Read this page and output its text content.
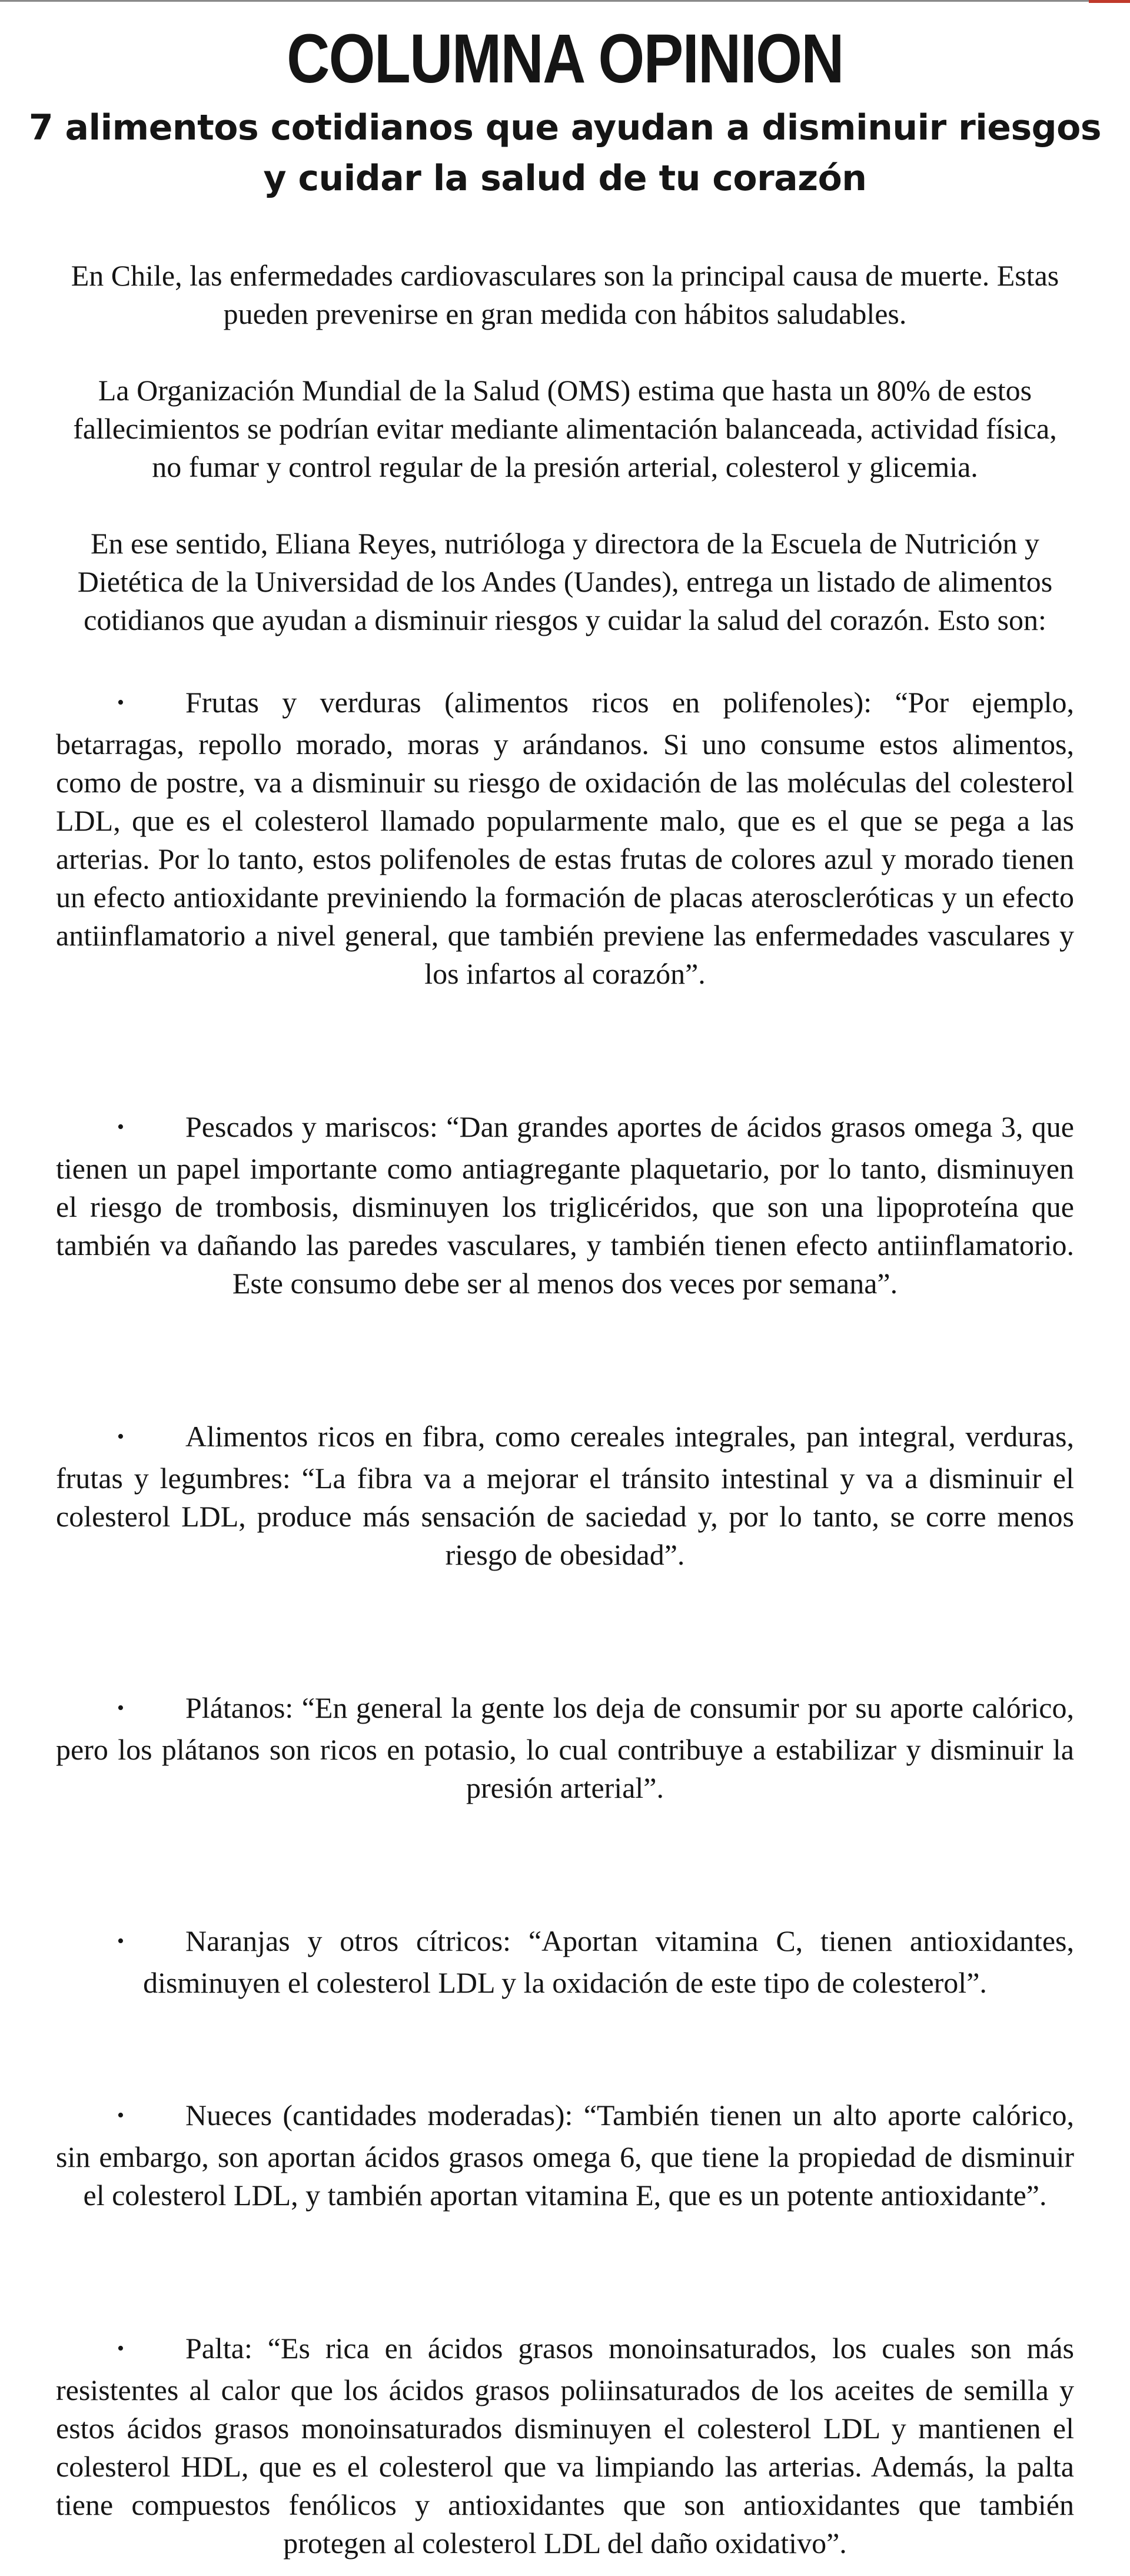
COLUMNA OPINION
7 alimentos cotidianos que ayudan a disminuir riesgos y cuidar la salud de tu corazón

En Chile, las enfermedades cardiovasculares son la principal causa de muerte. Estas pueden prevenirse en gran medida con hábitos saludables.

La Organización Mundial de la Salud (OMS) estima que hasta un 80% de estos fallecimientos se podrían evitar mediante alimentación balanceada, actividad física, no fumar y control regular de la presión arterial, colesterol y glicemia.

En ese sentido, Eliana Reyes, nutrióloga y directora de la Escuela de Nutrición y Dietética de la Universidad de los Andes (Uandes), entrega un listado de alimentos cotidianos que ayudan a disminuir riesgos y cuidar la salud del corazón. Esto son:

•Frutas y verduras (alimentos ricos en polifenoles): “Por ejemplo, betarragas, repollo morado, moras y arándanos. Si uno consume estos alimentos, como de postre, va a disminuir su riesgo de oxidación de las moléculas del colesterol LDL, que es el colesterol llamado popularmente malo, que es el que se pega a las arterias. Por lo tanto, estos polifenoles de estas frutas de colores azul y morado tienen un efecto antioxidante previniendo la formación de placas ateroscleróticas y un efecto antiinflamatorio a nivel general, que también previene las enfermedades vasculares y los infartos al corazón”.

•Pescados y mariscos: “Dan grandes aportes de ácidos grasos omega 3, que tienen un papel importante como antiagregante plaquetario, por lo tanto, disminuyen el riesgo de trombosis, disminuyen los triglicéridos, que son una lipoproteína que también va dañando las paredes vasculares, y también tienen efecto antiinflamatorio. Este consumo debe ser al menos dos veces por semana”.

•Alimentos ricos en fibra, como cereales integrales, pan integral, verduras, frutas y legumbres: “La fibra va a mejorar el tránsito intestinal y va a disminuir el colesterol LDL, produce más sensación de saciedad y, por lo tanto, se corre menos riesgo de obesidad”.

•Plátanos: “En general la gente los deja de consumir por su aporte calórico, pero los plátanos son ricos en potasio, lo cual contribuye a estabilizar y disminuir la presión arterial”.

•Naranjas y otros cítricos: “Aportan vitamina C, tienen antioxidantes, disminuyen el colesterol LDL y la oxidación de este tipo de colesterol”.

•Nueces (cantidades moderadas): “También tienen un alto aporte calórico, sin embargo, son aportan ácidos grasos omega 6, que tiene la propiedad de disminuir el colesterol LDL, y también aportan vitamina E, que es un potente antioxidante”.

•Palta: “Es rica en ácidos grasos monoinsaturados, los cuales son más resistentes al calor que los ácidos grasos poliinsaturados de los aceites de semilla y estos ácidos grasos monoinsaturados disminuyen el colesterol LDL y mantienen el colesterol HDL, que es el colesterol que va limpiando las arterias. Además, la palta tiene compuestos fenólicos y antioxidantes que son antioxidantes que también protegen al colesterol LDL del daño oxidativo”.
